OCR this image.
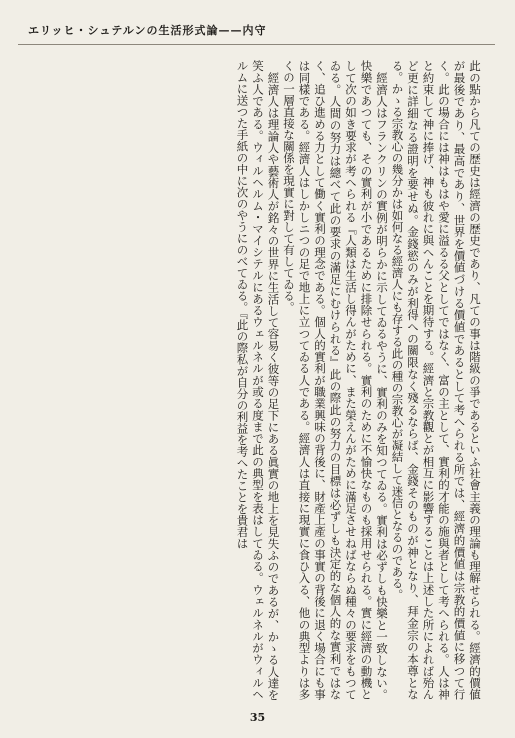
エリッヒ・シュテルンの生活形式論——内守

此の點から凡ての歴史は經濟の歴史であり、凡ての事は階級の爭であるといふ社會主義の理論も理解せられる。經濟的價値が最後であり、最高であり、世界を價値づける價値であるとして考へられる所では、經濟的價値は宗教的價値に移つて行く。此の場合には神はもはや愛に溢るる父としてではなく、富の主として、實利的才能の施與者として考へられる。人は神と約束して神に捧げ、神も彼れに與へんことを期待する。經濟と宗教觀とが相互に影響することは上述した所によれば殆んど更に詳細なる證明を要せぬ。金錢慾のみが利得への關限なく殘るならば、金錢そのものが神となり、拜金宗の本尊となる。かゝる宗教心の幾分かは如何なる經濟人にも存する此の種の宗教心が凝結して迷信となるのである。

經濟人はフランクリンの實例が明らかに示してゐるやうに、實利のみを知つてゐる。實利は必ずしも快樂と一致しない。快樂であつても、その實利が小であるために排除せられる。實利のために不愉快なものも採用せられる。實に經濟の動機として次の如き要求が考へられる『人類は生活し得んがために、また榮えんがために滿足させねばならぬ種々の要求をもつてゐる。人間の努力は總べて此の要求の滿足にむけられる』此の際此の努力の目標は必ずしも決定的な個人的な實利ではなく、追ひ進める力として働く實利の理念である。個人的實利が職業興味の背後に、財產上產の事實の背後に退く場合にも事は同樣である。經濟人はしかしニつの足で地上に立つてゐる人である。經濟人は直接に現實に食ひ入る、他の典型よりは多くの一層直接な關係を現實に對して有してゐる。

經濟人は理論人や藝術人が銘々の世界に生活して容易く彼等の足下にある眞實の地上を見失ふのであるが、かゝる人達を笑ふ人である。ウィルヘルム・マイシテルにあるウェルネルが或る度まで此の典型を表はしてゐる。ウェルネルがウィルヘルムに送つた手紙の中に次のやうにのべてゐる。『此の際私が自分の利益を考へたことを貴君は

35
